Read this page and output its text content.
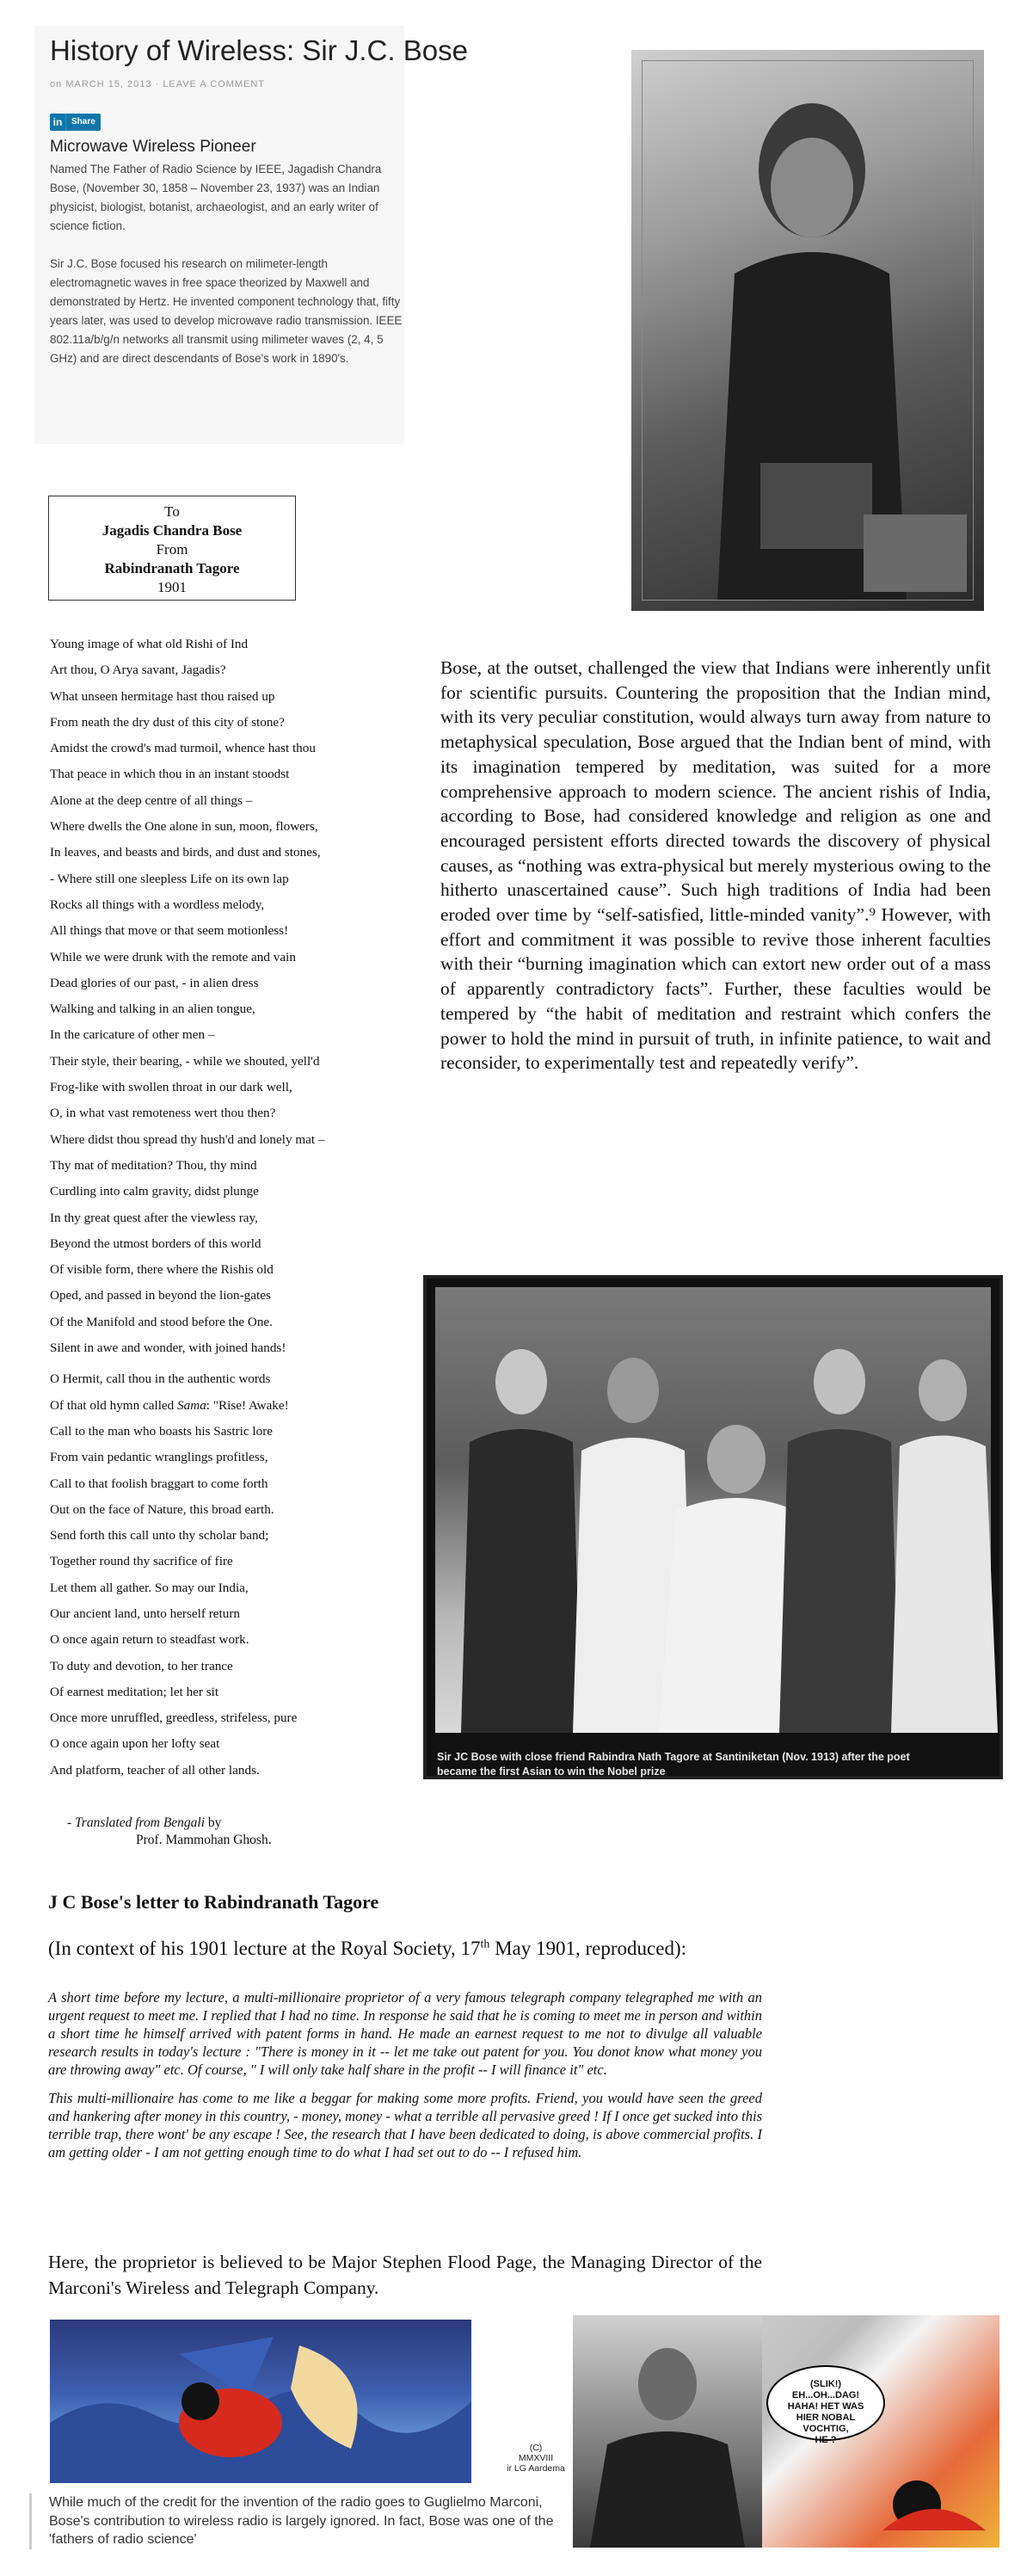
History of Wireless: Sir J.C. Bose
on MARCH 15, 2013 · LEAVE A COMMENT
in	Share
Microwave Wireless Pioneer

Named The Father of Radio Science by IEEE, Jagadish Chandra Bose, (November 30, 1858 – November 23, 1937) was an Indian physicist, biologist, botanist, archaeologist, and an early writer of science fiction.

Sir J.C. Bose focused his research on milimeter-length electromagnetic waves in free space theorized by Maxwell and demonstrated by Hertz. He invented component technology that, fifty years later, was used to develop microwave radio transmission. IEEE 802.11a/b/g/n networks all transmit using milimeter waves (2, 4, 5 GHz) and are direct descendants of Bose's work in 1890's.

To
Jagadis Chandra Bose
From
Rabindranath Tagore
1901
Young image of what old Rishi of Ind
Art thou, O Arya savant, Jagadis?
What unseen hermitage hast thou raised up
From neath the dry dust of this city of stone?
Amidst the crowd's mad turmoil, whence hast thou
That peace in which thou in an instant stoodst
Alone at the deep centre of all things –
Where dwells the One alone in sun, moon, flowers,
In leaves, and beasts and birds, and dust and stones,
- Where still one sleepless Life on its own lap
Rocks all things with a wordless melody,
All things that move or that seem motionless!
While we were drunk with the remote and vain
Dead glories of our past, - in alien dress
Walking and talking in an alien tongue,
In the caricature of other men –
Their style, their bearing, - while we shouted, yell'd
Frog-like with swollen throat in our dark well,
O, in what vast remoteness wert thou then?
Where didst thou spread thy hush'd and lonely mat –
Thy mat of meditation? Thou, thy mind
Curdling into calm gravity, didst plunge
In thy great quest after the viewless ray,
Beyond the utmost borders of this world
Of visible form, there where the Rishis old
Oped, and passed in beyond the lion-gates
Of the Manifold and stood before the One.
Silent in awe and wonder, with joined hands!
O Hermit, call thou in the authentic words
Of that old hymn called Sama: "Rise! Awake!
Call to the man who boasts his Sastric lore
From vain pedantic wranglings profitless,
Call to that foolish braggart to come forth
Out on the face of Nature, this broad earth.
Send forth this call unto thy scholar band;
Together round thy sacrifice of fire
Let them all gather. So may our India,
Our ancient land, unto herself return
O once again return to steadfast work.
To duty and devotion, to her trance
Of earnest meditation; let her sit
Once more unruffled, greedless, strifeless, pure
O once again upon her lofty seat
And platform, teacher of all other lands.
- Translated from Bengali by
Prof. Mammohan Ghosh.

Bose, at the outset, challenged the view that Indians were inherently unfit for scientific pursuits. Countering the proposition that the Indian mind, with its very peculiar constitution, would always turn away from nature to metaphysical speculation, Bose argued that the Indian bent of mind, with its imagination tempered by meditation, was suited for a more comprehensive approach to modern science. The ancient rishis of India, according to Bose, had considered knowledge and religion as one and encouraged persistent efforts directed towards the discovery of physical causes, as “nothing was extra-physical but merely mysterious owing to the hitherto unascertained cause”. Such high traditions of India had been eroded over time by “self-satisfied, little-minded vanity”.⁹ However, with effort and commitment it was possible to revive those inherent faculties with their “burning imagination which can extort new order out of a mass of apparently contradictory facts”. Further, these faculties would be tempered by “the habit of meditation and restraint which confers the power to hold the mind in pursuit of truth, in infinite patience, to wait and reconsider, to experimentally test and repeatedly verify”.

Sir JC Bose with close friend Rabindra Nath Tagore at Santiniketan (Nov. 1913) after the poet became the first Asian to win the Nobel prize
J C Bose's letter to Rabindranath Tagore
(In context of his 1901 lecture at the Royal Society, 17th May 1901, reproduced):

A short time before my lecture, a multi-millionaire proprietor of a very famous telegraph company telegraphed me with an urgent request to meet me. I replied that I had no time. In response he said that he is coming to meet me in person and within a short time he himself arrived with patent forms in hand. He made an earnest request to me not to divulge all valuable research results in today's lecture : "There is money in it -- let me take out patent for you. You donot know what money you are throwing away" etc. Of course, " I will only take half share in the profit -- I will finance it" etc.

This multi-millionaire has come to me like a beggar for making some more profits. Friend, you would have seen the greed and hankering after money in this country, - money, money - what a terrible all pervasive greed ! If I once get sucked into this terrible trap, there wont' be any escape ! See, the research that I have been dedicated to doing, is above commercial profits. I am getting older - I am not getting enough time to do what I had set out to do -- I refused him.

Here, the proprietor is believed to be Major Stephen Flood Page, the Managing Director of the Marconi's Wireless and Telegraph Company.

(C)
MMXVIII
ir LG Aardema
(SLIK!)
EH...OH...DAG!
HAHA! HET WAS
HIER NOBAL
VOCHTIG,
HE ?
While much of the credit for the invention of the radio goes to Guglielmo Marconi, Bose's contribution to wireless radio is largely ignored. In fact, Bose was one of the 'fathers of radio science'
